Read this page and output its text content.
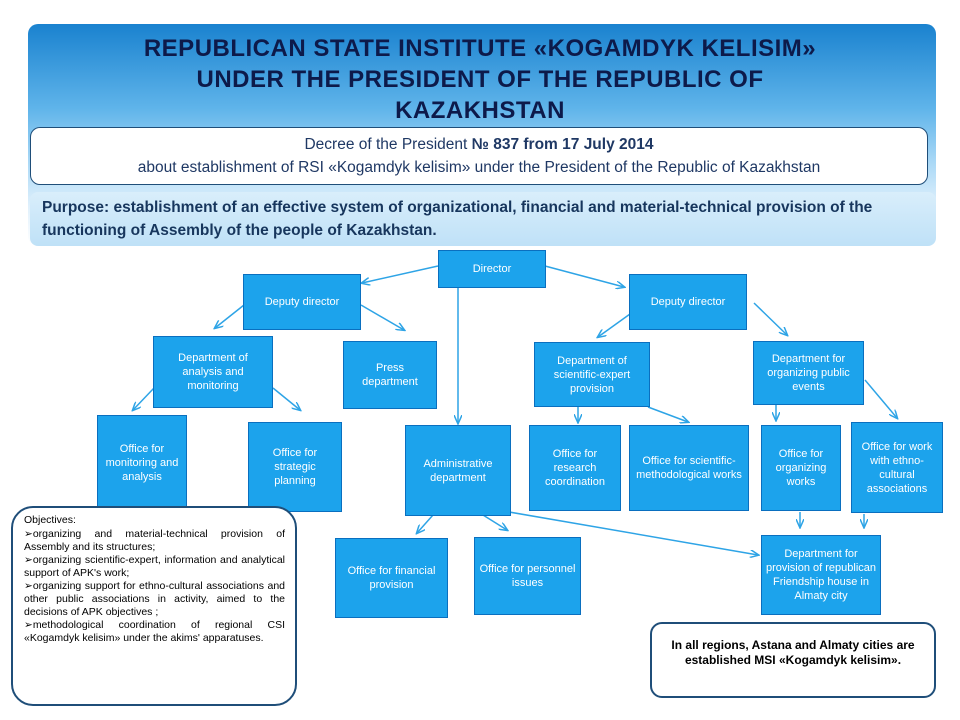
REPUBLICAN STATE INSTITUTE «KOGAMDYK KELISIM»
UNDER THE PRESIDENT OF THE REPUBLIC OF
KAZAKHSTAN
Decree of the President № 837 from 17 July 2014
about establishment of RSI «Kogamdyk kelisim» under the President of the Republic of Kazakhstan
Purpose: establishment of an effective system of organizational, financial and material-technical provision of the functioning of Assembly of the people of Kazakhstan.
Director
Deputy director	Deputy director
Department of analysis and monitoring
Press department
Department of scientific-expert provision
Department for organizing public events
Office for monitoring and analysis
Office for strategic planning
Administrative department
Office for research coordination
Office for scientific-methodological works
Office for organizing works
Office for work with ethno-cultural associations
Office for financial provision
Office for personnel issues
Department for provision of republican Friendship house in Almaty city
Objectives:
➢organizing and material-technical provision of Assembly and its structures;
➢organizing scientific-expert, information and analytical support of APK's work;
➢organizing support for ethno-cultural associations and other public associations in activity, aimed to the decisions of APK objectives ;
➢methodological coordination of regional CSI «Kogamdyk kelisim» under the akims' apparatuses.	In all regions, Astana and Almaty cities are established MSI «Kogamdyk kelisim».
